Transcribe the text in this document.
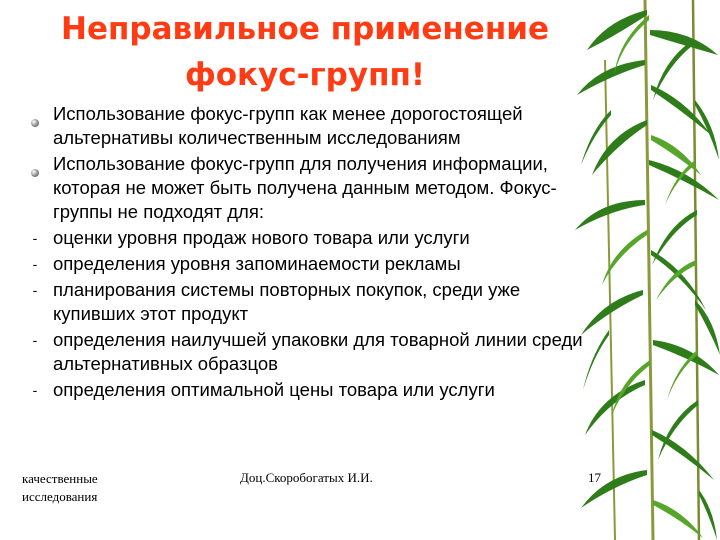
Неправильное применение фокус-групп!
Использование фокус-групп как менее дорогостоящей альтернативы количественным исследованиям
Использование фокус-групп для получения информации, которая не может быть получена данным методом. Фокус-группы не подходят для:
- оценки уровня продаж нового товара или услуги
- определения уровня запоминаемости рекламы
- планирования системы повторных покупок, среди уже купивших этот продукт
- определения наилучшей упаковки для товарной линии среди альтернативных образцов
- определения оптимальной цены товара или услуги
качественные исследования
Доц.Скоробогатых И.И.	17
